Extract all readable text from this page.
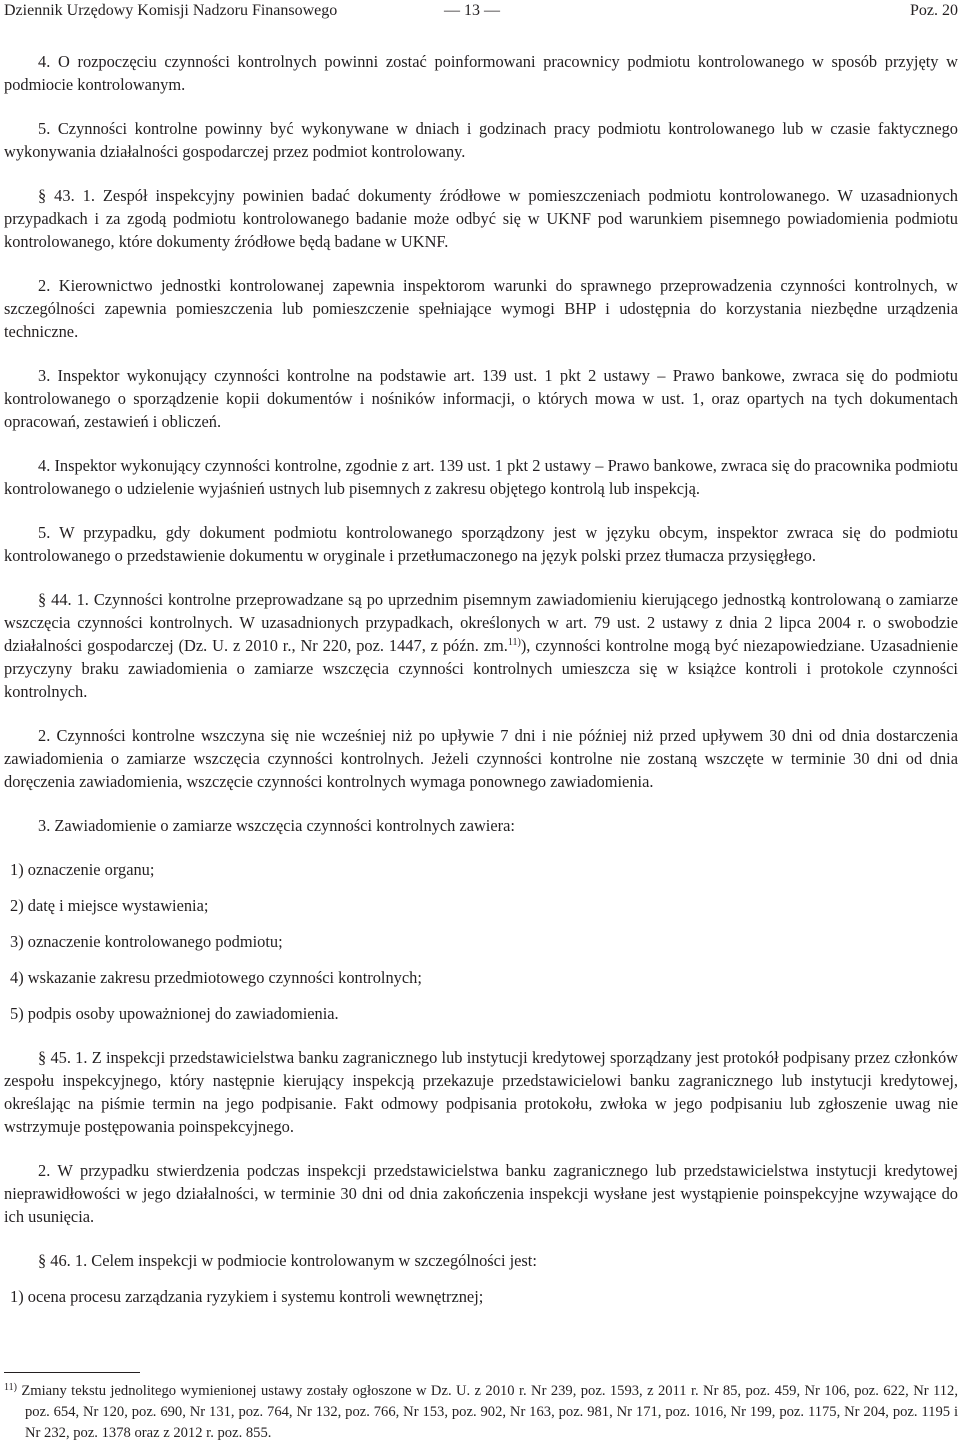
Dziennik Urzędowy Komisji Nadzoru Finansowego	— 13 —	Poz. 20

4. O rozpoczęciu czynności kontrolnych powinni zostać poinformowani pracownicy podmiotu kontrolowanego w sposób przyjęty w podmiocie kontrolowanym.

5. Czynności kontrolne powinny być wykonywane w dniach i godzinach pracy podmiotu kontrolowanego lub w czasie faktycznego wykonywania działalności gospodarczej przez podmiot kontrolowany.

§ 43. 1. Zespół inspekcyjny powinien badać dokumenty źródłowe w pomieszczeniach podmiotu kontrolowanego. W uzasadnionych przypadkach i za zgodą podmiotu kontrolowanego badanie może odbyć się w UKNF pod warunkiem pisemnego powiadomienia podmiotu kontrolowanego, które dokumenty źródłowe będą badane w UKNF.

2. Kierownictwo jednostki kontrolowanej zapewnia inspektorom warunki do sprawnego przeprowadzenia czynności kontrolnych, w szczególności zapewnia pomieszczenia lub pomieszczenie spełniające wymogi BHP i udostępnia do korzystania niezbędne urządzenia techniczne.

3. Inspektor wykonujący czynności kontrolne na podstawie art. 139 ust. 1 pkt 2 ustawy – Prawo bankowe, zwraca się do podmiotu kontrolowanego o sporządzenie kopii dokumentów i nośników informacji, o których mowa w ust. 1, oraz opartych na tych dokumentach opracowań, zestawień i obliczeń.

4. Inspektor wykonujący czynności kontrolne, zgodnie z art. 139 ust. 1 pkt 2 ustawy – Prawo bankowe, zwraca się do pracownika podmiotu kontrolowanego o udzielenie wyjaśnień ustnych lub pisemnych z zakresu objętego kontrolą lub inspekcją.

5. W przypadku, gdy dokument podmiotu kontrolowanego sporządzony jest w języku obcym, inspektor zwraca się do podmiotu kontrolowanego o przedstawienie dokumentu w oryginale i przetłumaczonego na język polski przez tłumacza przysięgłego.

§ 44. 1. Czynności kontrolne przeprowadzane są po uprzednim pisemnym zawiadomieniu kierującego jednostką kontrolowaną o zamiarze wszczęcia czynności kontrolnych. W uzasadnionych przypadkach, określonych w art. 79 ust. 2 ustawy z dnia 2 lipca 2004 r. o swobodzie działalności gospodarczej (Dz. U. z 2010 r., Nr 220, poz. 1447, z późn. zm.$^{11)}$), czynności kontrolne mogą być niezapowiedziane. Uzasadnienie przyczyny braku zawiadomienia o zamiarze wszczęcia czynności kontrolnych umieszcza się w książce kontroli i protokole czynności kontrolnych.

2. Czynności kontrolne wszczyna się nie wcześniej niż po upływie 7 dni i nie później niż przed upływem 30 dni od dnia dostarczenia zawiadomienia o zamiarze wszczęcia czynności kontrolnych. Jeżeli czynności kontrolne nie zostaną wszczęte w terminie 30 dni od dnia doręczenia zawiadomienia, wszczęcie czynności kontrolnych wymaga ponownego zawiadomienia.

3. Zawiadomienie o zamiarze wszczęcia czynności kontrolnych zawiera:

1) oznaczenie organu;

2) datę i miejsce wystawienia;

3) oznaczenie kontrolowanego podmiotu;

4) wskazanie zakresu przedmiotowego czynności kontrolnych;

5) podpis osoby upoważnionej do zawiadomienia.

§ 45. 1. Z inspekcji przedstawicielstwa banku zagranicznego lub instytucji kredytowej sporządzany jest protokół podpisany przez członków zespołu inspekcyjnego, który następnie kierujący inspekcją przekazuje przedstawicielowi banku zagranicznego lub instytucji kredytowej, określając na piśmie termin na jego podpisanie. Fakt odmowy podpisania protokołu, zwłoka w jego podpisaniu lub zgłoszenie uwag nie wstrzymuje postępowania poinspekcyjnego.

2. W przypadku stwierdzenia podczas inspekcji przedstawicielstwa banku zagranicznego lub przedstawicielstwa instytucji kredytowej nieprawidłowości w jego działalności, w terminie 30 dni od dnia zakończenia inspekcji wysłane jest wystąpienie poinspekcyjne wzywające do ich usunięcia.

§ 46. 1. Celem inspekcji w podmiocie kontrolowanym w szczególności jest:

1) ocena procesu zarządzania ryzykiem i systemu kontroli wewnętrznej;

$^{11)}$ Zmiany tekstu jednolitego wymienionej ustawy zostały ogłoszone w Dz. U. z 2010 r. Nr 239, poz. 1593, z 2011 r. Nr 85, poz. 459, Nr 106, poz. 622, Nr 112, poz. 654, Nr 120, poz. 690, Nr 131, poz. 764, Nr 132, poz. 766, Nr 153, poz. 902, Nr 163, poz. 981, Nr 171, poz. 1016, Nr 199, poz. 1175, Nr 204, poz. 1195 i Nr 232, poz. 1378 oraz z 2012 r. poz. 855.
